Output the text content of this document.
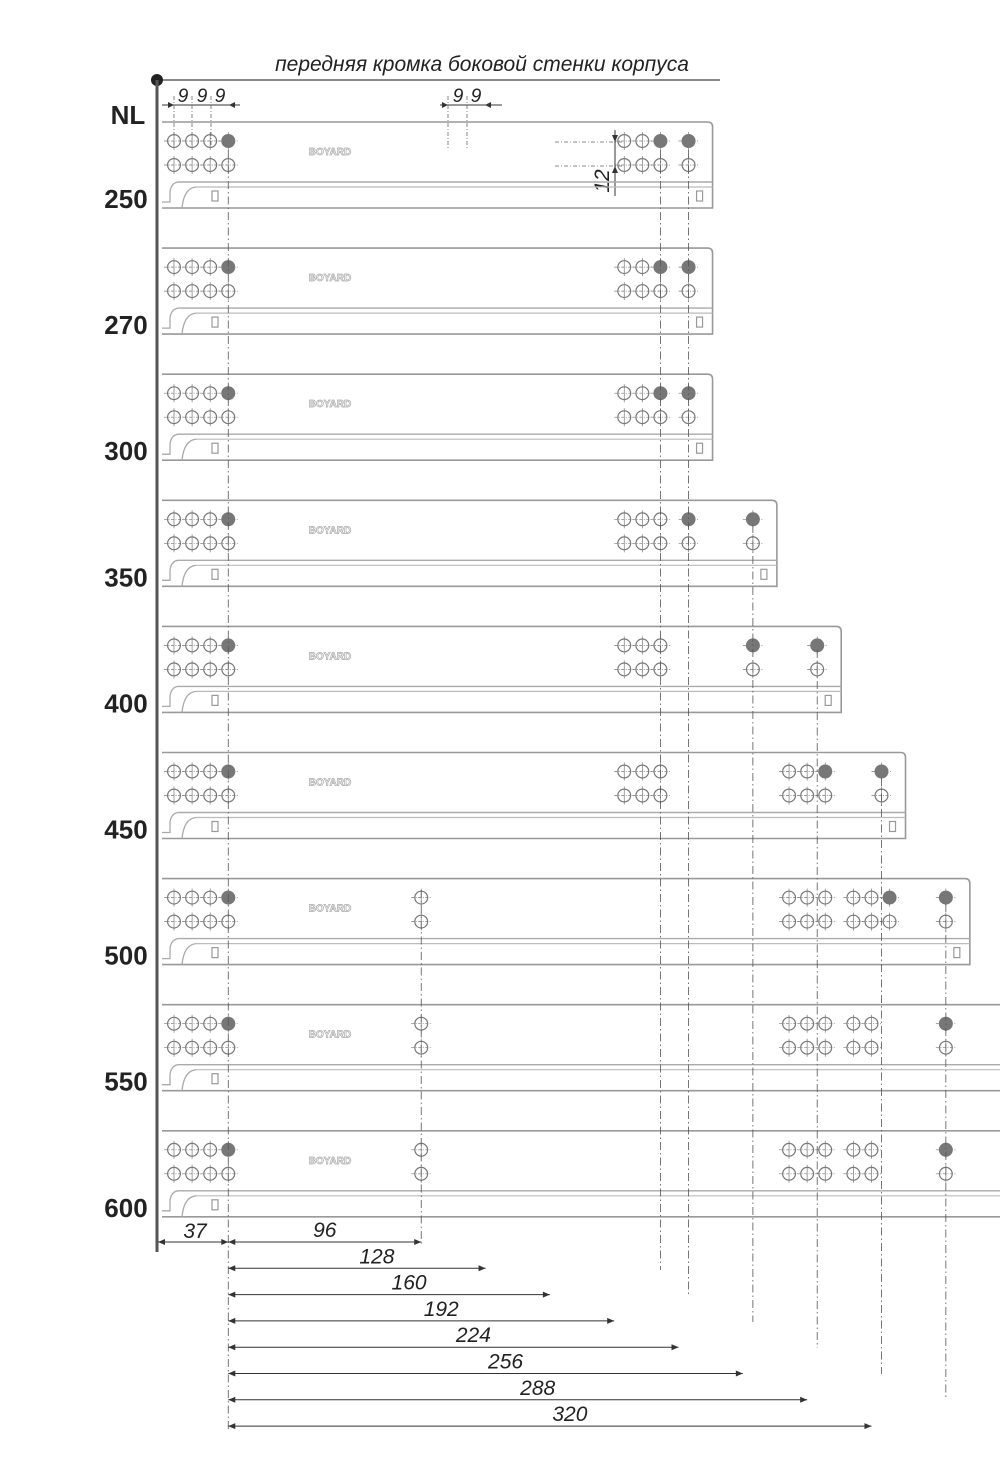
передняя кромка боковой стенки корпуса
NL
9 9 9	9 9
12
BOYARD
250
BOYARD
270
BOYARD
300
BOYARD
350
BOYARD
400
BOYARD
450
BOYARD
500
BOYARD
550
BOYARD
600
37	96
128
160
192
224
256
288
320
